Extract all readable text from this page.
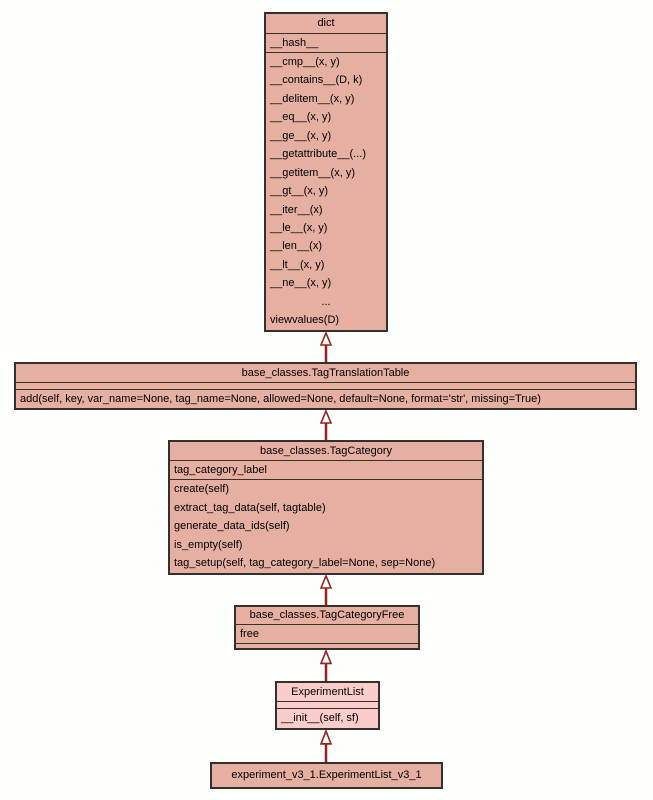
dict
__hash__
__cmp__(x, y)
__contains__(D, k)
__delitem__(x, y)
__eq__(x, y)
__ge__(x, y)
__getattribute__(...)
__getitem__(x, y)
__gt__(x, y)
__iter__(x)
__le__(x, y)
__len__(x)
__lt__(x, y)
__ne__(x, y)
...
viewvalues(D)
base_classes.TagTranslationTable
add(self, key, var_name=None, tag_name=None, allowed=None, default=None, format='str', missing=True)
base_classes.TagCategory
tag_category_label
create(self)
extract_tag_data(self, tagtable)
generate_data_ids(self)
is_empty(self)
tag_setup(self, tag_category_label=None, sep=None)
base_classes.TagCategoryFree
free
ExperimentList
__init__(self, sf)
experiment_v3_1.ExperimentList_v3_1
